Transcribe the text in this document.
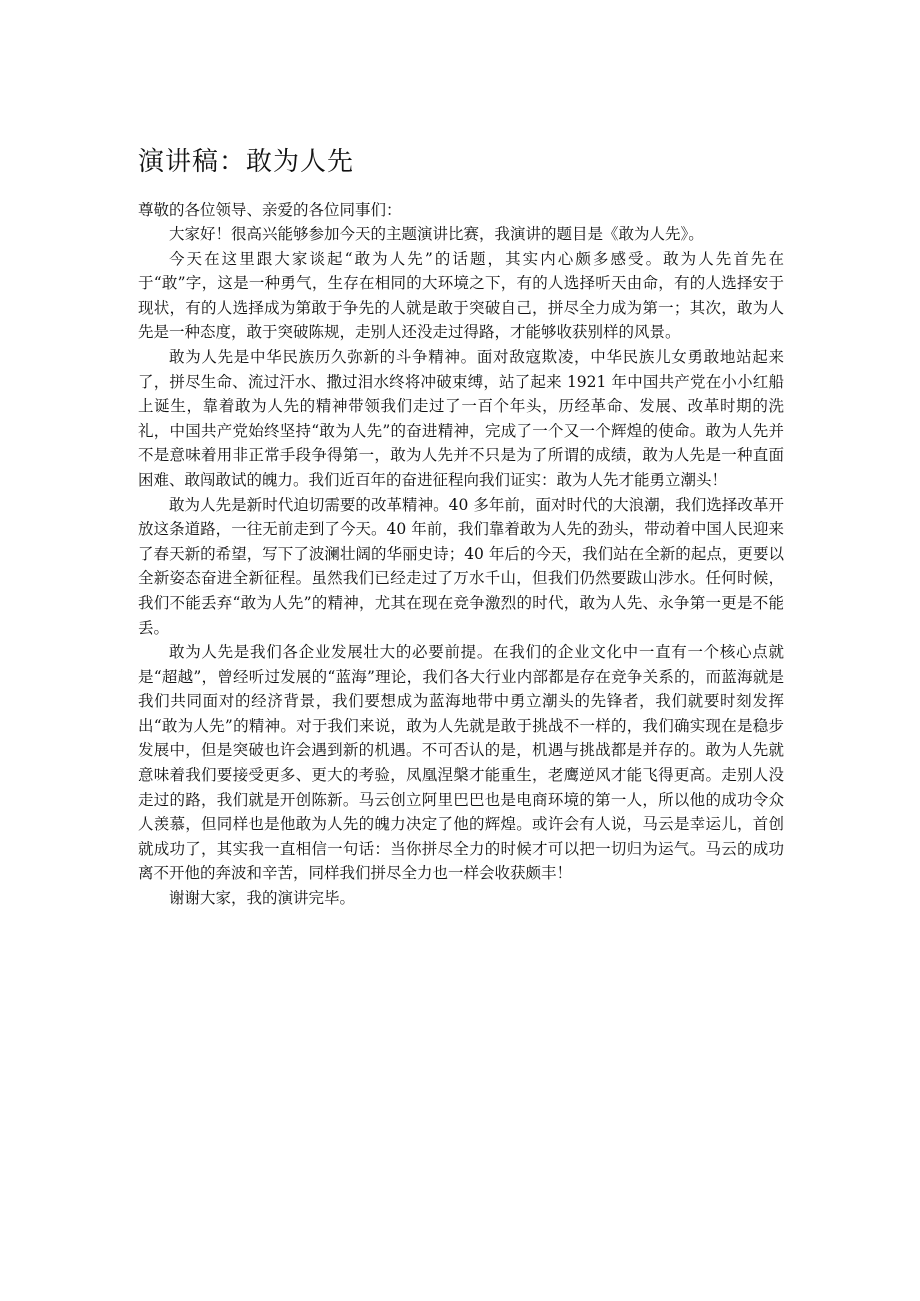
演讲稿：敢为人先

尊敬的各位领导、亲爱的各位同事们：

大家好！很高兴能够参加今天的主题演讲比赛，我演讲的题目是《敢为人先》。

今天在这里跟大家谈起“敢为人先”的话题，其实内心颇多感受。敢为人先首先在于“敢”字，这是一种勇气，生存在相同的大环境之下，有的人选择听天由命，有的人选择安于现状，有的人选择成为第敢于争先的人就是敢于突破自己，拼尽全力成为第一；其次，敢为人先是一种态度，敢于突破陈规，走别人还没走过得路，才能够收获别样的风景。

敢为人先是中华民族历久弥新的斗争精神。面对敌寇欺凌，中华民族儿女勇敢地站起来了，拼尽生命、流过汗水、撒过泪水终将冲破束缚，站了起来 1921 年中国共产党在小小红船上诞生，靠着敢为人先的精神带领我们走过了一百个年头，历经革命、发展、改革时期的洗礼，中国共产党始终坚持“敢为人先”的奋进精神，完成了一个又一个辉煌的使命。敢为人先并不是意味着用非正常手段争得第一，敢为人先并不只是为了所谓的成绩，敢为人先是一种直面困难、敢闯敢试的魄力。我们近百年的奋进征程向我们证实：敢为人先才能勇立潮头！

敢为人先是新时代迫切需要的改革精神。40 多年前，面对时代的大浪潮，我们选择改革开放这条道路，一往无前走到了今天。40 年前，我们靠着敢为人先的劲头，带动着中国人民迎来了春天新的希望，写下了波澜壮阔的华丽史诗；40 年后的今天，我们站在全新的起点，更要以全新姿态奋进全新征程。虽然我们已经走过了万水千山，但我们仍然要跋山涉水。任何时候，我们不能丢弃“敢为人先”的精神，尤其在现在竞争激烈的时代，敢为人先、永争第一更是不能丢。

敢为人先是我们各企业发展壮大的必要前提。在我们的企业文化中一直有一个核心点就是“超越”，曾经听过发展的“蓝海”理论，我们各大行业内部都是存在竞争关系的，而蓝海就是我们共同面对的经济背景，我们要想成为蓝海地带中勇立潮头的先锋者，我们就要时刻发挥出“敢为人先”的精神。对于我们来说，敢为人先就是敢于挑战不一样的，我们确实现在是稳步发展中，但是突破也许会遇到新的机遇。不可否认的是，机遇与挑战都是并存的。敢为人先就意味着我们要接受更多、更大的考验，凤凰涅槃才能重生，老鹰逆风才能飞得更高。走别人没走过的路，我们就是开创陈新。马云创立阿里巴巴也是电商环境的第一人，所以他的成功令众人羡慕，但同样也是他敢为人先的魄力决定了他的辉煌。或许会有人说，马云是幸运儿，首创就成功了，其实我一直相信一句话：当你拼尽全力的时候才可以把一切归为运气。马云的成功离不开他的奔波和辛苦，同样我们拼尽全力也一样会收获颇丰！

谢谢大家，我的演讲完毕。
